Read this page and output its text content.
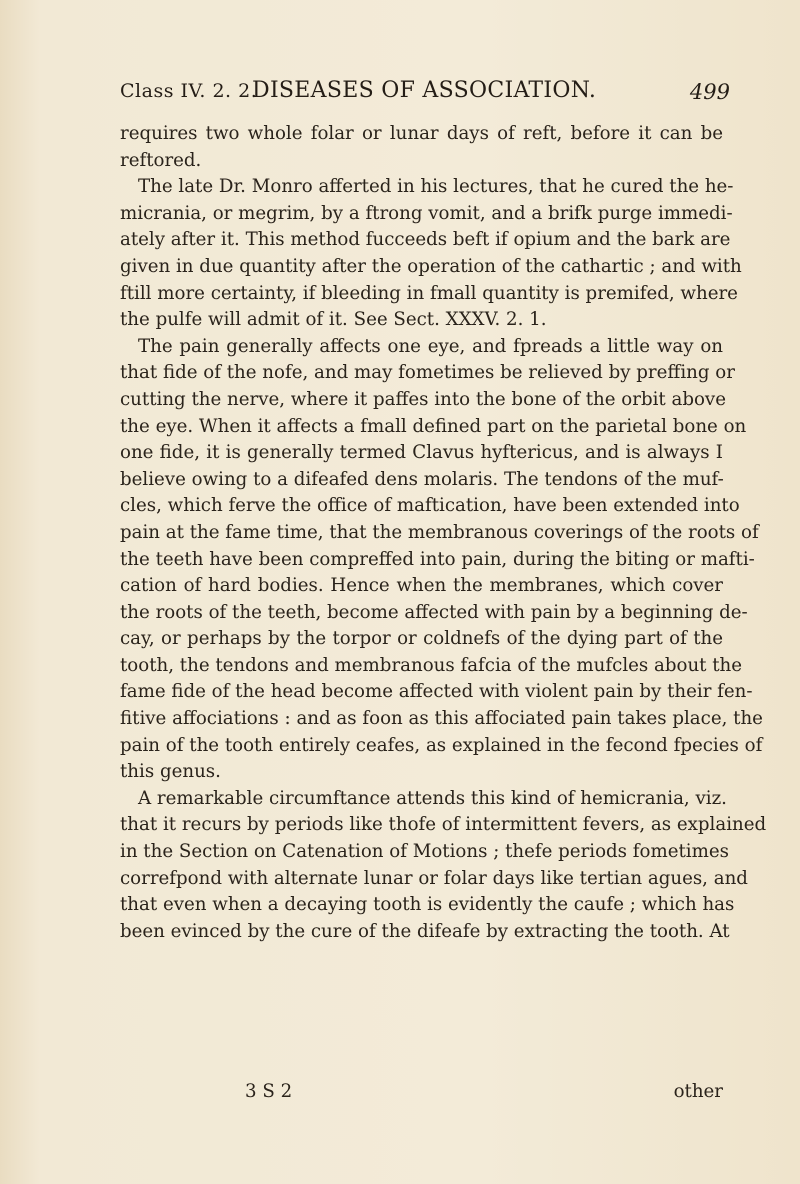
Class IV. 2. 2.
DISEASES OF ASSOCIATION.	499
requires two whole folar or lunar days of reft, before it can be
reftored.
The late Dr. Monro afferted in his lectures, that he cured the he-
micrania, or megrim, by a ftrong vomit, and a brifk purge immedi-
ately after it. This method fucceeds beft if opium and the bark are
given in due quantity after the operation of the cathartic ; and with
ftill more certainty, if bleeding in fmall quantity is premifed, where
the pulfe will admit of it. See Sect. XXXV. 2. 1.
The pain generally affects one eye, and fpreads a little way on
that fide of the nofe, and may fometimes be relieved by preffing or
cutting the nerve, where it paffes into the bone of the orbit above
the eye. When it affects a fmall defined part on the parietal bone on
one fide, it is generally termed Clavus hyftericus, and is always I
believe owing to a difeafed dens molaris. The tendons of the muf-
cles, which ferve the office of maftication, have been extended into
pain at the fame time, that the membranous coverings of the roots of
the teeth have been compreffed into pain, during the biting or mafti-
cation of hard bodies. Hence when the membranes, which cover
the roots of the teeth, become affected with pain by a beginning de-
cay, or perhaps by the torpor or coldnefs of the dying part of the
tooth, the tendons and membranous fafcia of the mufcles about the
fame fide of the head become affected with violent pain by their fen-
fitive affociations : and as foon as this affociated pain takes place, the
pain of the tooth entirely ceafes, as explained in the fecond fpecies of
this genus.
A remarkable circumftance attends this kind of hemicrania, viz.
that it recurs by periods like thofe of intermittent fevers, as explained
in the Section on Catenation of Motions ; thefe periods fometimes
correfpond with alternate lunar or folar days like tertian agues, and
that even when a decaying tooth is evidently the caufe ; which has
been evinced by the cure of the difeafe by extracting the tooth. At
3 S 2	other
